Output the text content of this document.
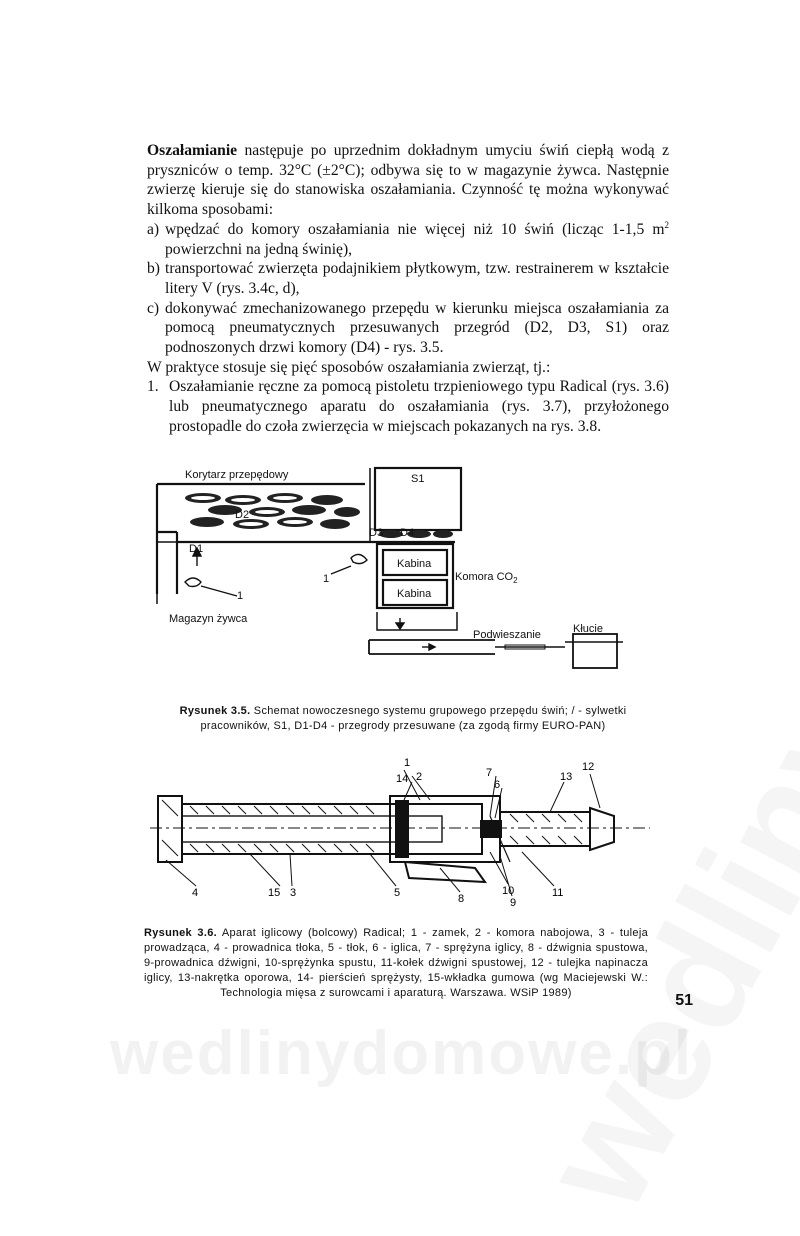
Oszałamianie następuje po uprzednim dokładnym umyciu świń ciepłą wodą z pryszniców o temp. 32°C (±2°C); odbywa się to w magazynie żywca. Następnie zwierzę kieruje się do stanowiska oszałamiania. Czynność tę można wykonywać kilkoma sposobami:

a) wpędzać do komory oszałamiania nie więcej niż 10 świń (licząc 1-1,5 $m^2$ powierzchni na jedną świnię),
b) transportować zwierzęta podajnikiem płytkowym, tzw. restrainerem w kształcie litery V (rys. 3.4c, d),
c) dokonywać zmechanizowanego przepędu w kierunku miejsca oszałamiania za pomocą pneumatycznych przesuwanych przegród (D2, D3, S1) oraz podnoszonych drzwi komory (D4) - rys. 3.5.

W praktyce stosuje się pięć sposobów oszałamiania zwierząt, tj.:

1. Oszałamianie ręczne za pomocą pistoletu trzpieniowego typu Radical (rys. 3.6) lub pneumatycznego aparatu do oszałamiania (rys. 3.7), przyłożonego prostopadle do czoła zwierzęcia w miejscach pokazanych na rys. 3.8.
Korytarz przepędowy	S1
D2
D3 D4
D1
Kabina
Kabina
Komora $CO_2$
Magazyn żywca
Podwieszanie	Kłucie
1
1
Rysunek 3.5. Schemat nowoczesnego systemu grupowego przepędu świń; / - sylwetki pracowników, S1, D1-D4 - przegrody przesuwane (za zgodą firmy EURO-PAN)
1
2
14	7
6
13
12
4	15 3	5	8
10
9
11
Rysunek 3.6. Aparat iglicowy (bolcowy) Radical; 1 - zamek, 2 - komora nabojowa, 3 - tuleja prowadząca, 4 - prowadnica tłoka, 5 - tłok, 6 - iglica, 7 - sprężyna iglicy, 8 - dźwignia spustowa, 9-prowadnica dźwigni, 10-sprężynka spustu, 11-kołek dźwigni spustowej, 12 - tulejka napinacza iglicy, 13-nakrętka oporowa, 14- pierścień sprężysty, 15-wkładka gumowa (wg Maciejewski W.: Technologia mięsa z surowcami i aparaturą. Warszawa. WSiP 1989)	51
wedlinydomowe.pl
